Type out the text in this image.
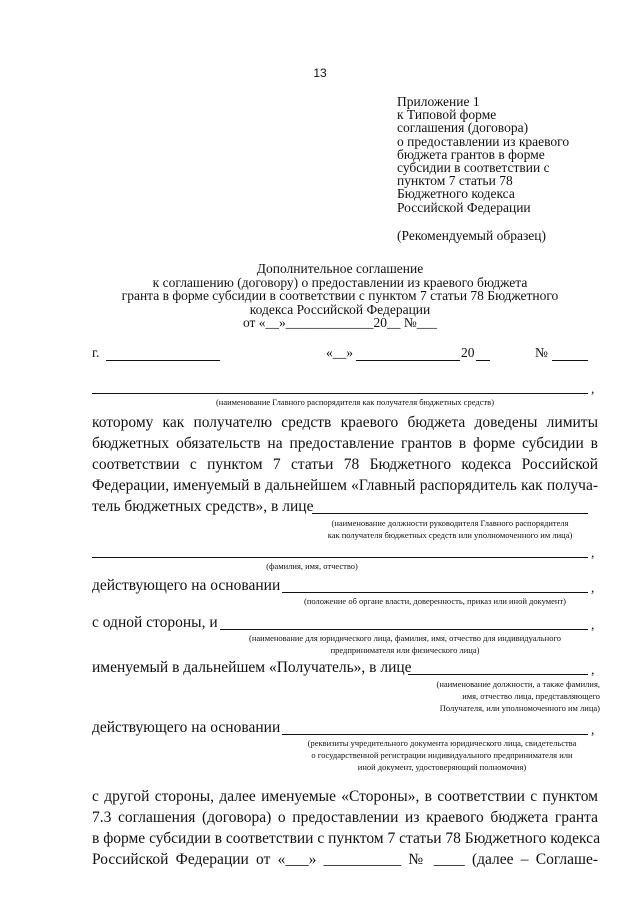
13
Приложение 1
к Типовой форме
соглашения (договора)
о предоставлении из краевого
бюджета грантов в форме
субсидии в соответствии с
пунктом 7 статьи 78
Бюджетного кодекса
Российской Федерации
(Рекомендуемый образец)
Дополнительное соглашение
к соглашению (договору) о предоставлении из краевого бюджета
гранта в форме субсидии в соответствии с пунктом 7 статьи 78 Бюджетного
кодекса Российской Федерации
от «__»_____________20__ №___
г.	«__»	20	№
,
(наименование Главного распорядителя как получателя бюджетных средств)
которому как получателю средств краевого бюджета доведены лимиты
бюджетных обязательств на предоставление грантов в форме субсидии в
соответствии с пунктом 7 статьи 78 Бюджетного кодекса Российской
Федерации, именуемый в дальнейшем «Главный распорядитель как получа-
тель бюджетных средств», в лице
(наименование должности руководителя Главного распорядителя
как получателя бюджетных средств или уполномоченного им лица)
,
(фамилия, имя, отчество)
действующего на основании	,
(положение об органе власти, доверенность, приказ или иной документ)
с одной стороны, и	,
(наименование для юридического лица, фамилия, имя, отчество для индивидуального
предпринимателя или физического лица)
именуемый в дальнейшем «Получатель», в лице	,
(наименование должности, а также фамилия,
имя, отчество лица, представляющего
Получателя, или уполномоченного им лица)
действующего на основании	,
(реквизиты учредительного документа юридического лица, свидетельства
о государственной регистрации индивидуального предпринимателя или
иной документ, удостоверяющий полномочия)
с другой стороны, далее именуемые «Стороны», в соответствии с пунктом
7.3 соглашения (договора) о предоставлении из краевого бюджета гранта
в форме субсидии в соответствии с пунктом 7 статьи 78 Бюджетного кодекса
Российской Федерации от «___» __________ № ____ (далее – Соглаше-
